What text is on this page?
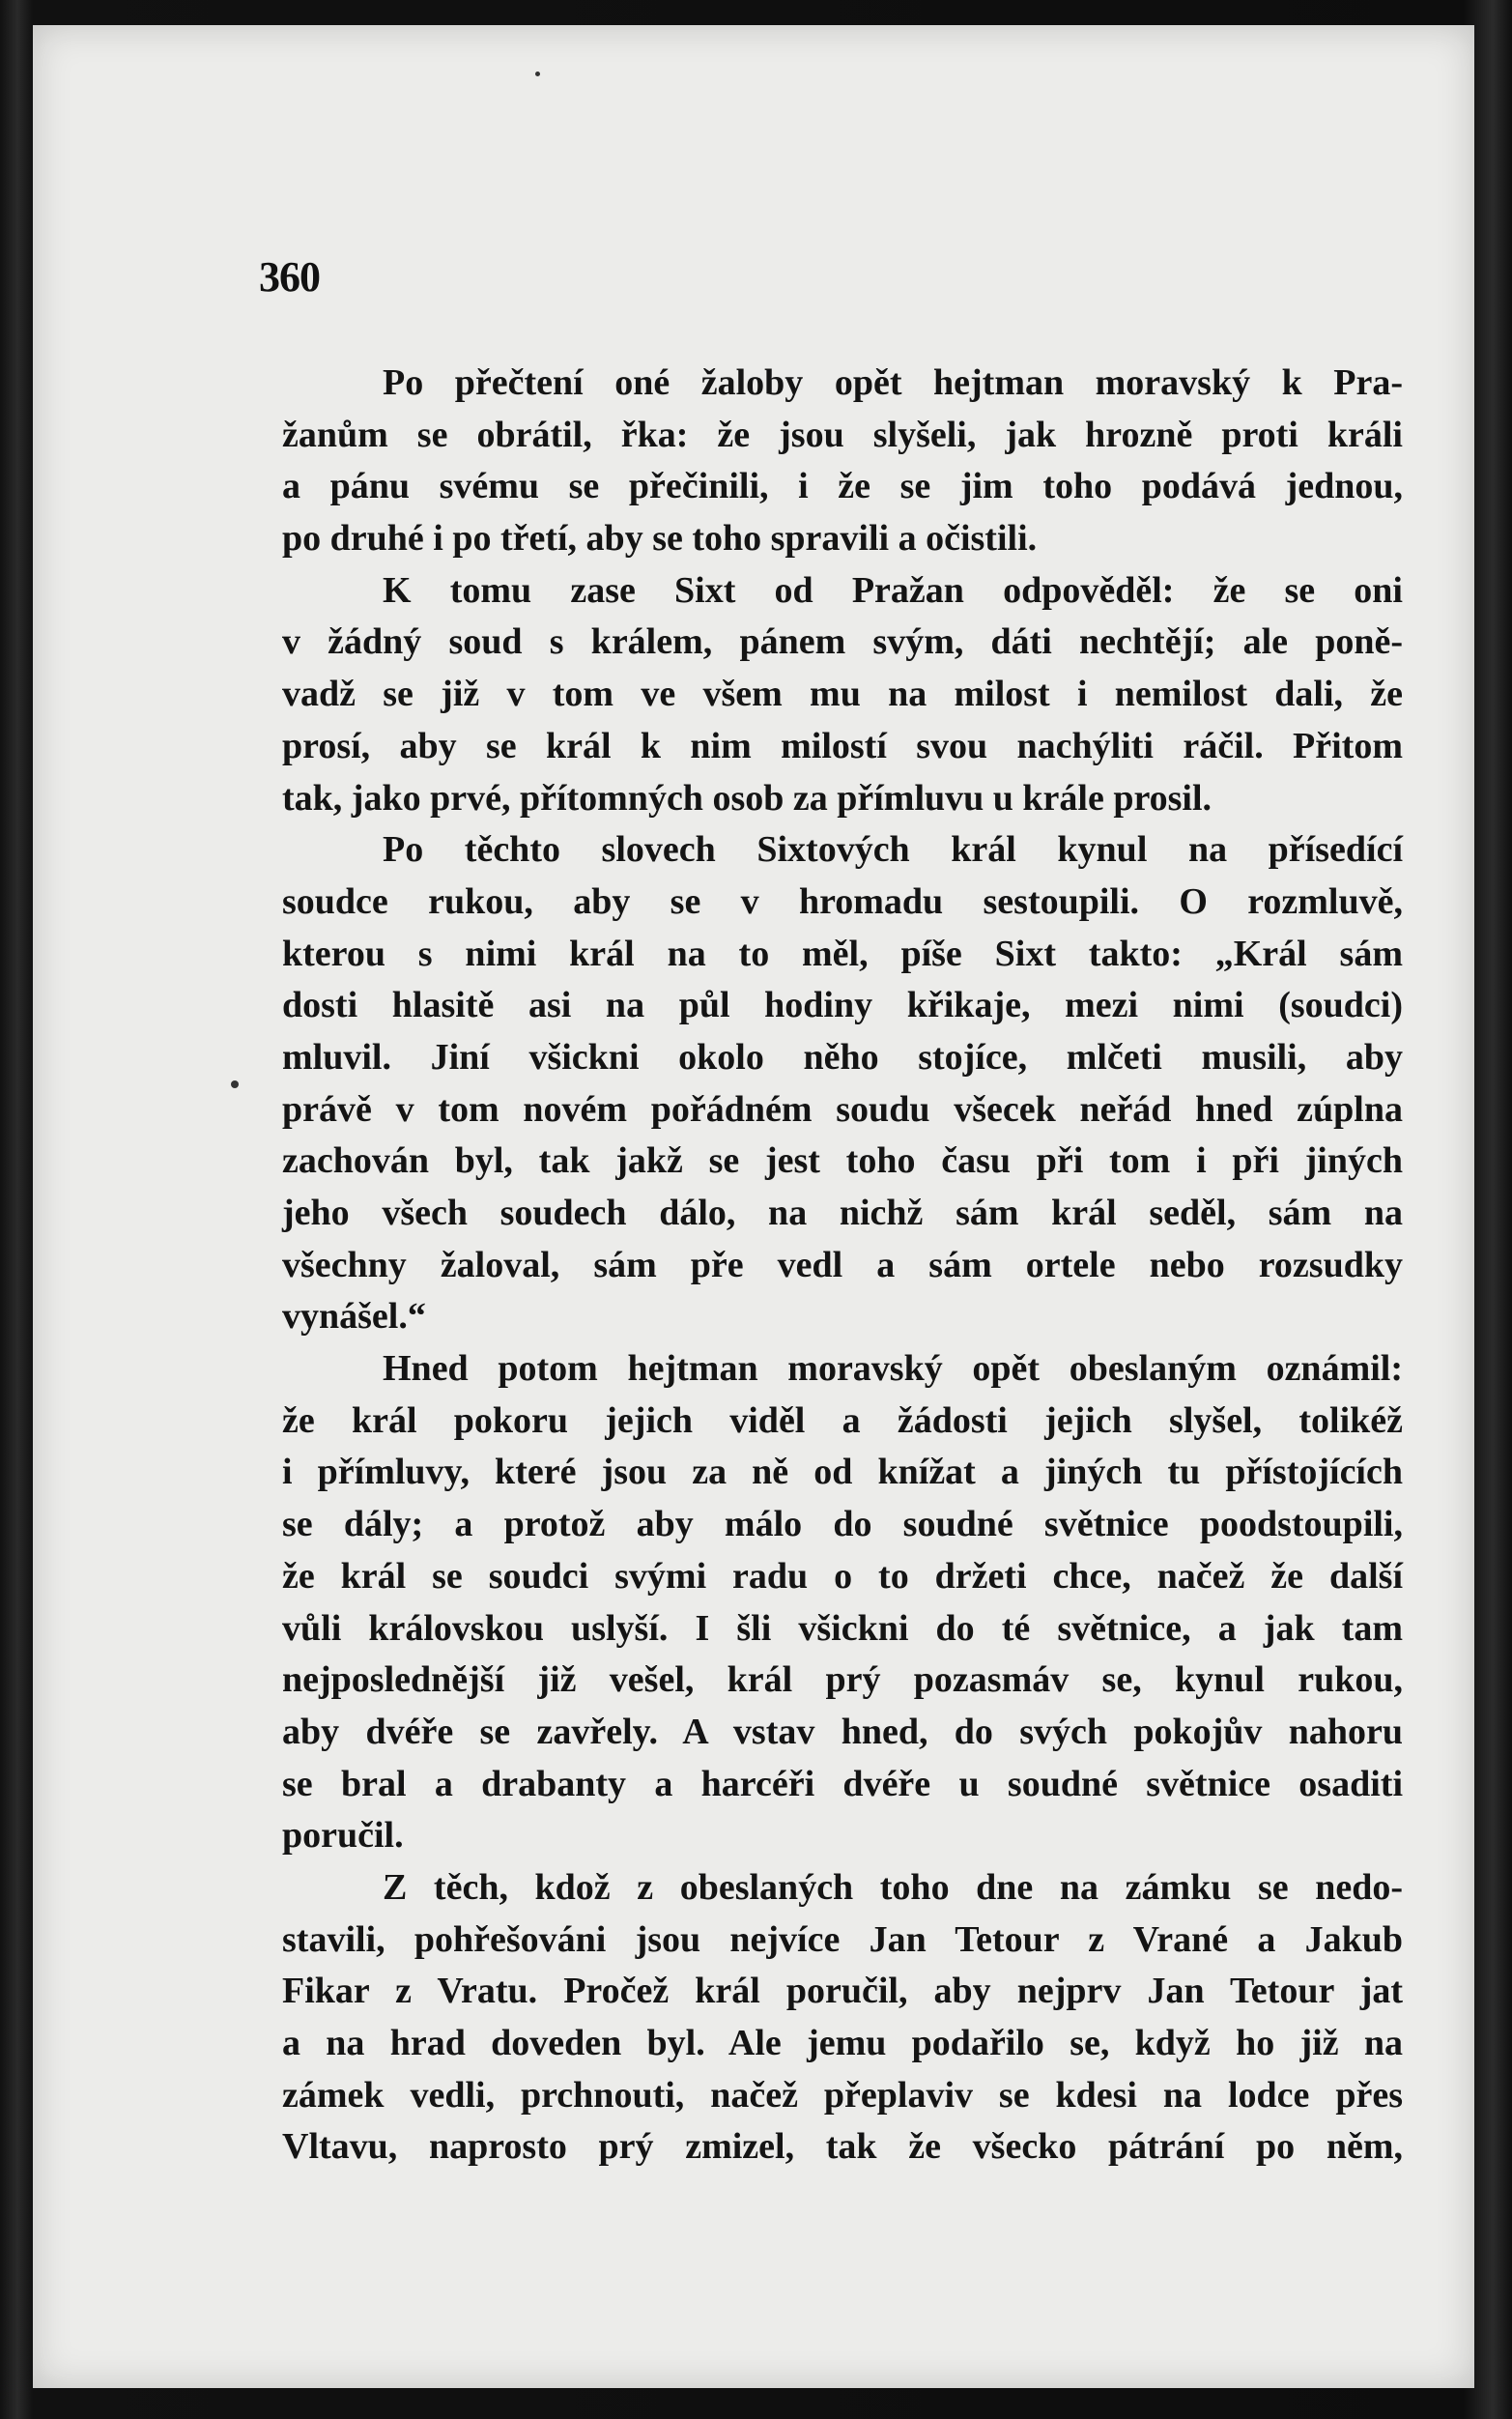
360
Po přečtení oné žaloby opět hejtman moravský k Pra-
žanům se obrátil, řka: že jsou slyšeli, jak hrozně proti králi
a pánu svému se přečinili, i že se jim toho podává jednou,
po druhé i po třetí, aby se toho spravili a očistili.
K tomu zase Sixt od Pražan odpověděl: že se oni
v žádný soud s králem, pánem svým, dáti nechtějí; ale poně-
vadž se již v tom ve všem mu na milost i nemilost dali, že
prosí, aby se král k nim milostí svou nachýliti ráčil. Přitom
tak, jako prvé, přítomných osob za přímluvu u krále prosil.
Po těchto slovech Sixtových král kynul na přísedící
soudce rukou, aby se v hromadu sestoupili. O rozmluvě,
kterou s nimi král na to měl, píše Sixt takto: „Král sám
dosti hlasitě asi na půl hodiny křikaje, mezi nimi (soudci)
mluvil. Jiní všickni okolo něho stojíce, mlčeti musili, aby
právě v tom novém pořádném soudu všecek neřád hned zúplna
zachován byl, tak jakž se jest toho času při tom i při jiných
jeho všech soudech dálo, na nichž sám král seděl, sám na
všechny žaloval, sám pře vedl a sám ortele nebo rozsudky
vynášel.“
Hned potom hejtman moravský opět obeslaným oznámil:
že král pokoru jejich viděl a žádosti jejich slyšel, tolikéž
i přímluvy, které jsou za ně od knížat a jiných tu přístojících
se dály; a protož aby málo do soudné světnice poodstoupili,
že král se soudci svými radu o to držeti chce, načež že další
vůli královskou uslyší. I šli všickni do té světnice, a jak tam
nejposlednější již vešel, král prý pozasmáv se, kynul rukou,
aby dvéře se zavřely. A vstav hned, do svých pokojův nahoru
se bral a drabanty a harcéři dvéře u soudné světnice osaditi
poručil.
Z těch, kdož z obeslaných toho dne na zámku se nedo-
stavili, pohřešováni jsou nejvíce Jan Tetour z Vrané a Jakub
Fikar z Vratu. Pročež král poručil, aby nejprv Jan Tetour jat
a na hrad doveden byl. Ale jemu podařilo se, když ho již na
zámek vedli, prchnouti, načež přeplaviv se kdesi na lodce přes
Vltavu, naprosto prý zmizel, tak že všecko pátrání po něm,
